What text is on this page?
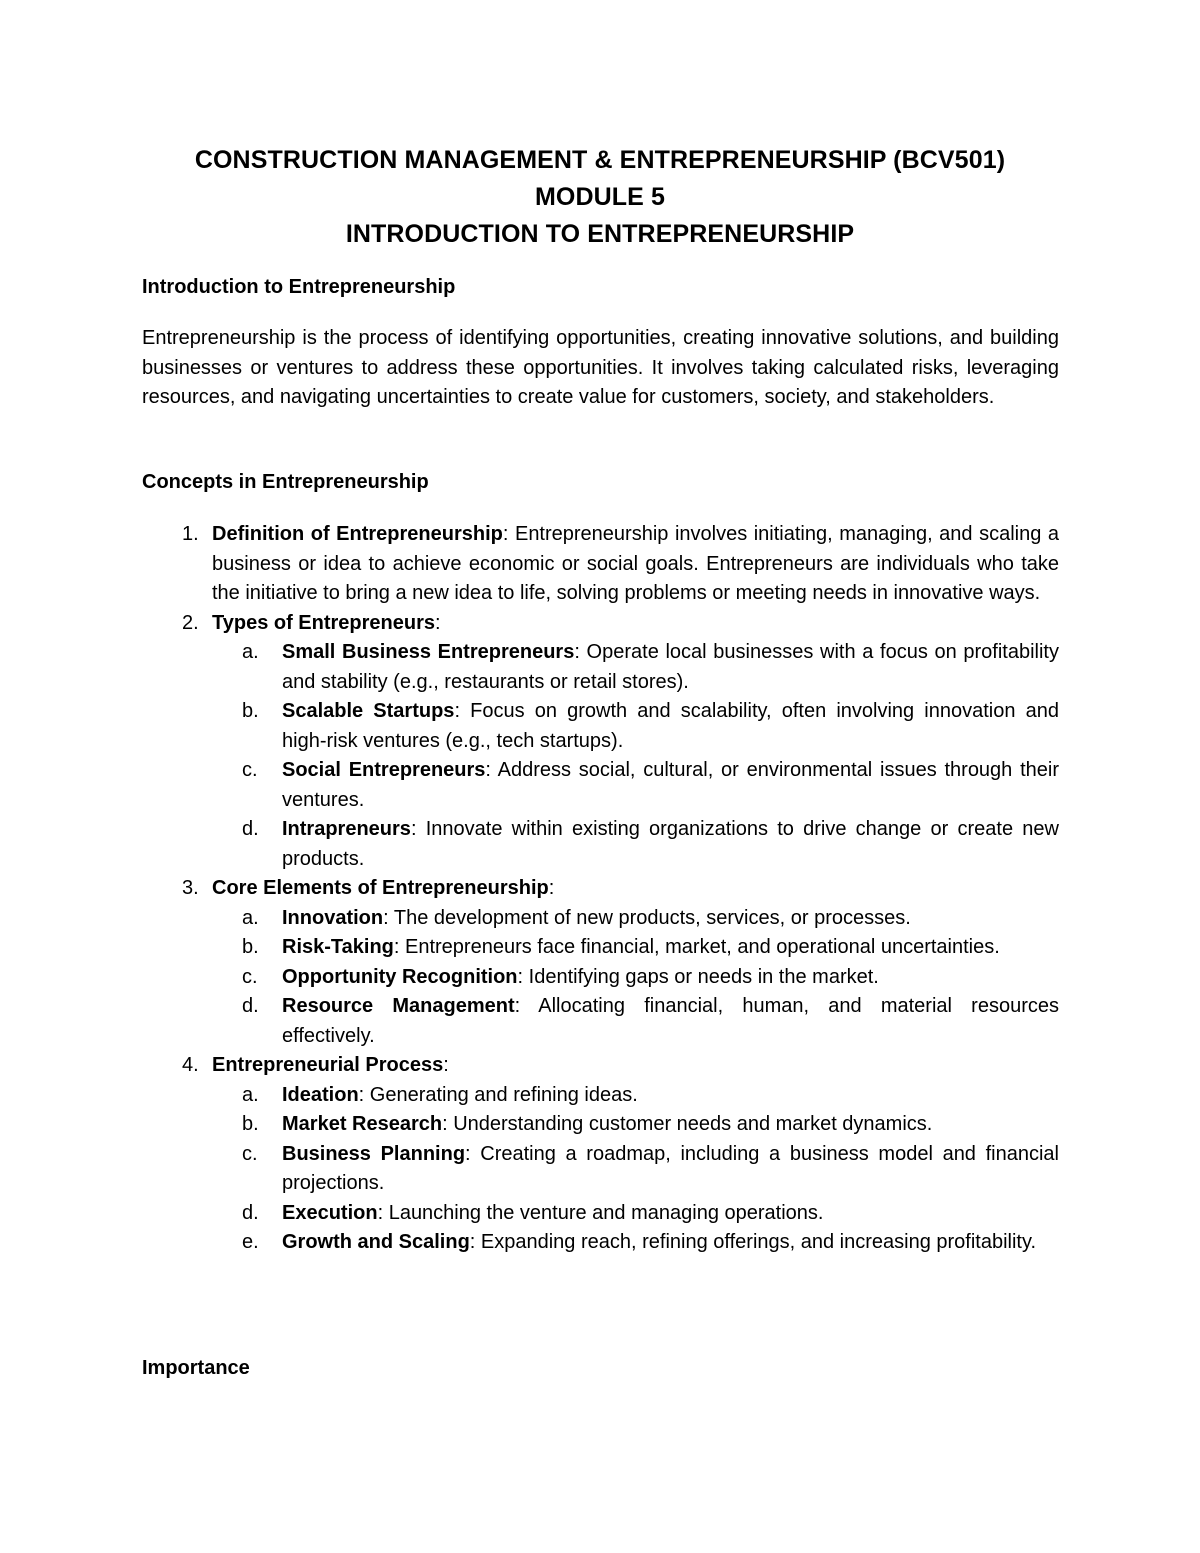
CONSTRUCTION MANAGEMENT & ENTREPRENEURSHIP (BCV501)

MODULE 5

INTRODUCTION TO ENTREPRENEURSHIP

Introduction to Entrepreneurship

Entrepreneurship is the process of identifying opportunities, creating innovative solutions, and building businesses or ventures to address these opportunities. It involves taking calculated risks, leveraging resources, and navigating uncertainties to create value for customers, society, and stakeholders.

Concepts in Entrepreneurship

1. Definition of Entrepreneurship: Entrepreneurship involves initiating, managing, and scaling a business or idea to achieve economic or social goals. Entrepreneurs are individuals who take the initiative to bring a new idea to life, solving problems or meeting needs in innovative ways.
2. Types of Entrepreneurs:
a.	Small Business Entrepreneurs: Operate local businesses with a focus on profitability and stability (e.g., restaurants or retail stores).
b.	Scalable Startups: Focus on growth and scalability, often involving innovation and high-risk ventures (e.g., tech startups).
c.	Social Entrepreneurs: Address social, cultural, or environmental issues through their ventures.
d.	Intrapreneurs: Innovate within existing organizations to drive change or create new products.
3. Core Elements of Entrepreneurship:
a.	Innovation: The development of new products, services, or processes.
b.	Risk-Taking: Entrepreneurs face financial, market, and operational uncertainties.
c.	Opportunity Recognition: Identifying gaps or needs in the market.
d.	Resource Management: Allocating financial, human, and material resources effectively.
4. Entrepreneurial Process:
a.	Ideation: Generating and refining ideas.
b.	Market Research: Understanding customer needs and market dynamics.
c.	Business Planning: Creating a roadmap, including a business model and financial projections.
d.	Execution: Launching the venture and managing operations.
e.	Growth and Scaling: Expanding reach, refining offerings, and increasing profitability.

Importance
